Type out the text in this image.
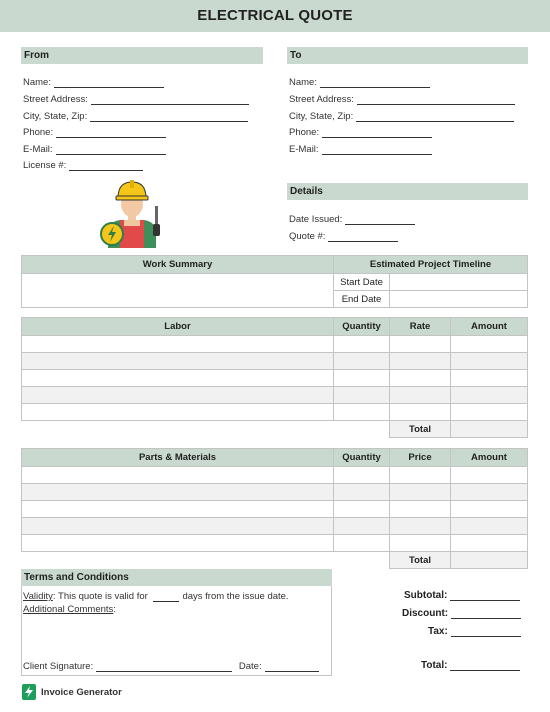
ELECTRICAL QUOTE
From
Name:
Street Address:
City, State, Zip:
Phone:
E-Mail:
License #:
To
Name:
Street Address:
City, State, Zip:
Phone:
E-Mail:
Details
Date Issued:
Quote #:
Work Summary	Estimated Project Timeline	
	Start Date	
	End Date	
Labor	Quantity	Rate	Amount

		Total	
Parts & Materials	Quantity	Price	Amount

		Total	
Terms and Conditions
Validity: This quote is valid for	days from the issue date.
Additional Comments:
Client Signature:	Date:
Subtotal:
Discount:
Tax:
Total:
Invoice Generator
